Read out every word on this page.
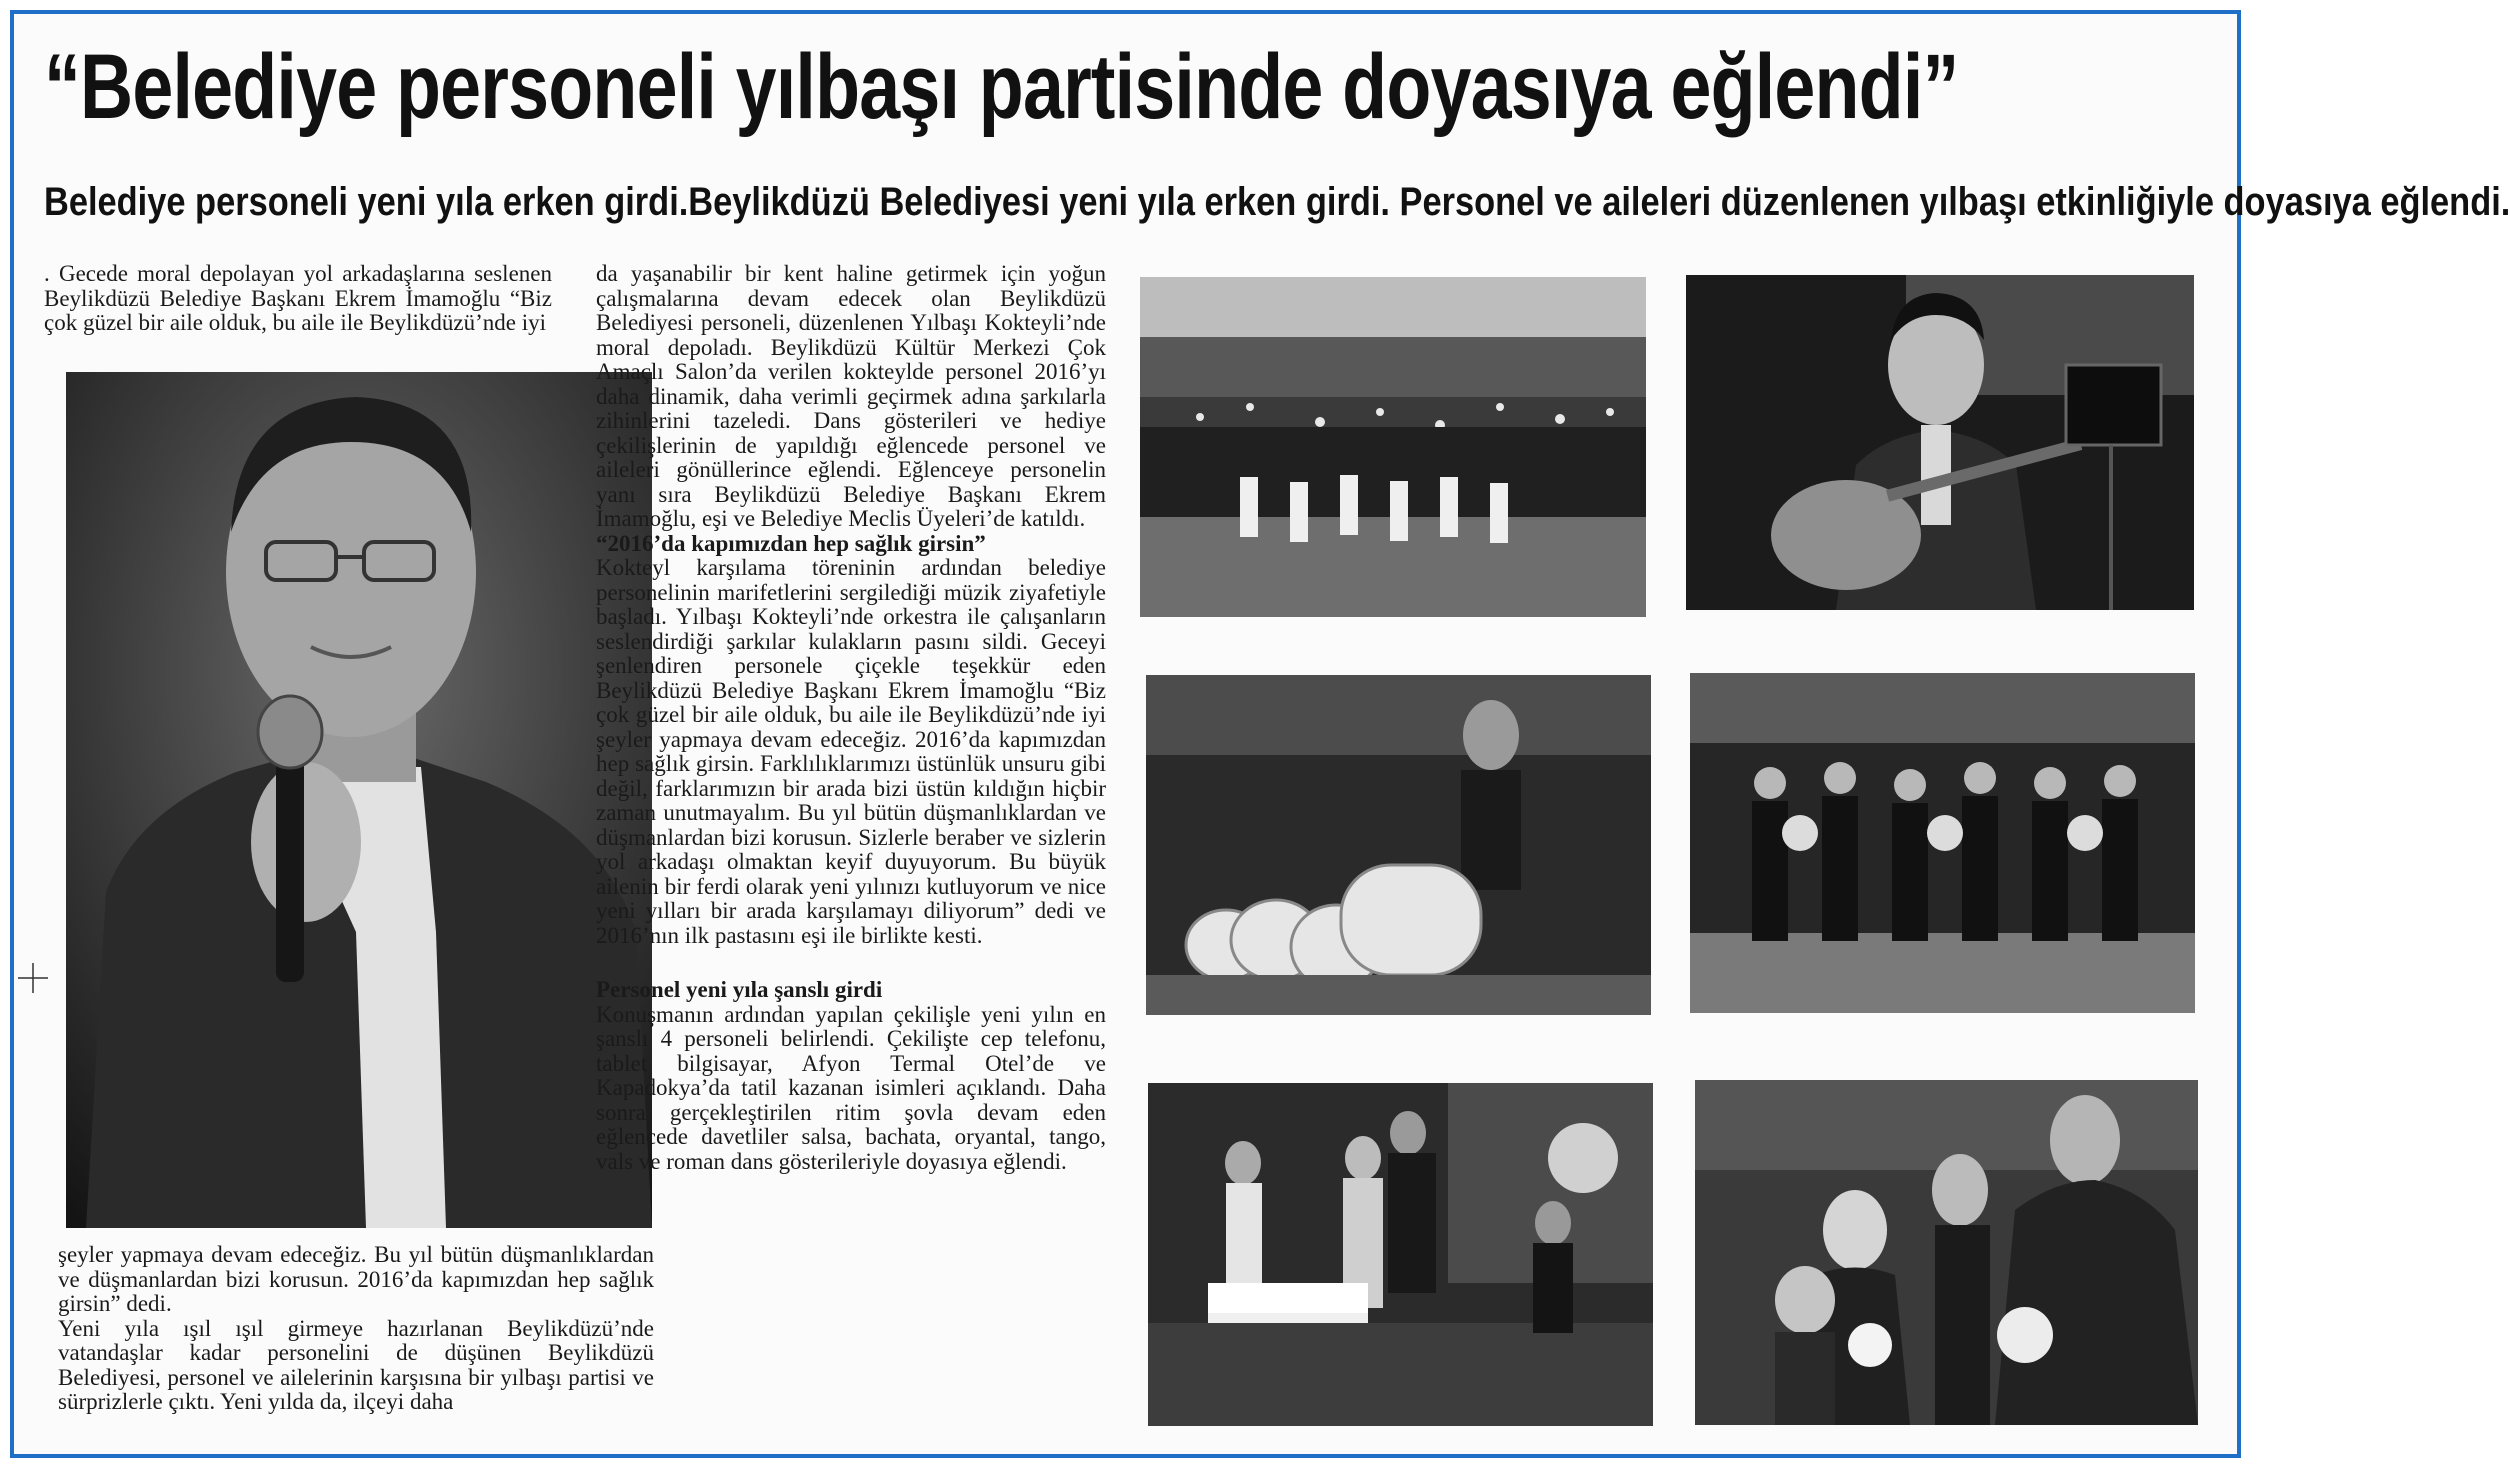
“Belediye personeli yılbaşı partisinde doyasıya eğlendi”
Belediye personeli yeni yıla erken girdi.Beylikdüzü Belediyesi yeni yıla erken girdi. Personel ve aileleri düzenlenen yılbaşı etkinliğiyle doyasıya eğlendi.

. Gecede moral depolayan yol arkadaşlarına seslenen Beylikdüzü Belediye Başkanı Ekrem İmamoğlu “Biz çok güzel bir aile olduk, bu aile ile Beylikdüzü’nde iyi

şeyler yapmaya devam edeceğiz. Bu yıl bütün düşmanlıklardan ve düşmanlardan bizi korusun. 2016’da kapımızdan hep sağlık girsin” dedi.

Yeni yıla ışıl ışıl girmeye hazırlanan Beylikdüzü’nde vatandaşlar kadar personelini de düşünen Beylikdüzü Belediyesi, personel ve ailelerinin karşısına bir yılbaşı partisi ve sürprizlerle çıktı. Yeni yılda da, ilçeyi daha

da yaşanabilir bir kent haline getirmek için yoğun çalışmalarına devam edecek olan Beylikdüzü Belediyesi personeli, düzenlenen Yılbaşı Kokteyli’nde moral depoladı. Beylikdüzü Kültür Merkezi Çok Amaçlı Salon’da verilen kokteylde personel 2016’yı daha dinamik, daha verimli geçirmek adına şarkılarla zihinlerini tazeledi. Dans gösterileri ve hediye çekilişlerinin de yapıldığı eğlencede personel ve aileleri gönüllerince eğlendi. Eğlenceye personelin yanı sıra Beylikdüzü Belediye Başkanı Ekrem İmamoğlu, eşi ve Belediye Meclis Üyeleri’de katıldı.

“2016’da kapımızdan hep sağlık girsin”

Kokteyl karşılama töreninin ardından belediye personelinin marifetlerini sergilediği müzik ziyafetiyle başladı. Yılbaşı Kokteyli’nde orkestra ile çalışanların seslendirdiği şarkılar kulakların pasını sildi. Geceyi şenlendiren personele çiçekle teşekkür eden Beylikdüzü Belediye Başkanı Ekrem İmamoğlu “Biz çok güzel bir aile olduk, bu aile ile Beylikdüzü’nde iyi şeyler yapmaya devam edeceğiz. 2016’da kapımızdan hep sağlık girsin. Farklılıklarımızı üstünlük unsuru gibi değil, farklarımızın bir arada bizi üstün kıldığın hiçbir zaman unutmayalım. Bu yıl bütün düşmanlıklardan ve düşmanlardan bizi korusun. Sizlerle beraber ve sizlerin yol arkadaşı olmaktan keyif duyuyorum. Bu büyük ailenin bir ferdi olarak yeni yılınızı kutluyorum ve nice yeni yılları bir arada karşılamayı diliyorum” dedi ve 2016’nın ilk pastasını eşi ile birlikte kesti.

Personel yeni yıla şanslı girdi

Konuşmanın ardından yapılan çekilişle yeni yılın en şanslı 4 personeli belirlendi. Çekilişte cep telefonu, tablet bilgisayar, Afyon Termal Otel’de ve Kapadokya’da tatil kazanan isimleri açıklandı. Daha sonra gerçekleştirilen ritim şovla devam eden eğlencede davetliler salsa, bachata, oryantal, tango, vals ve roman dans gösterileriyle doyasıya eğlendi.
